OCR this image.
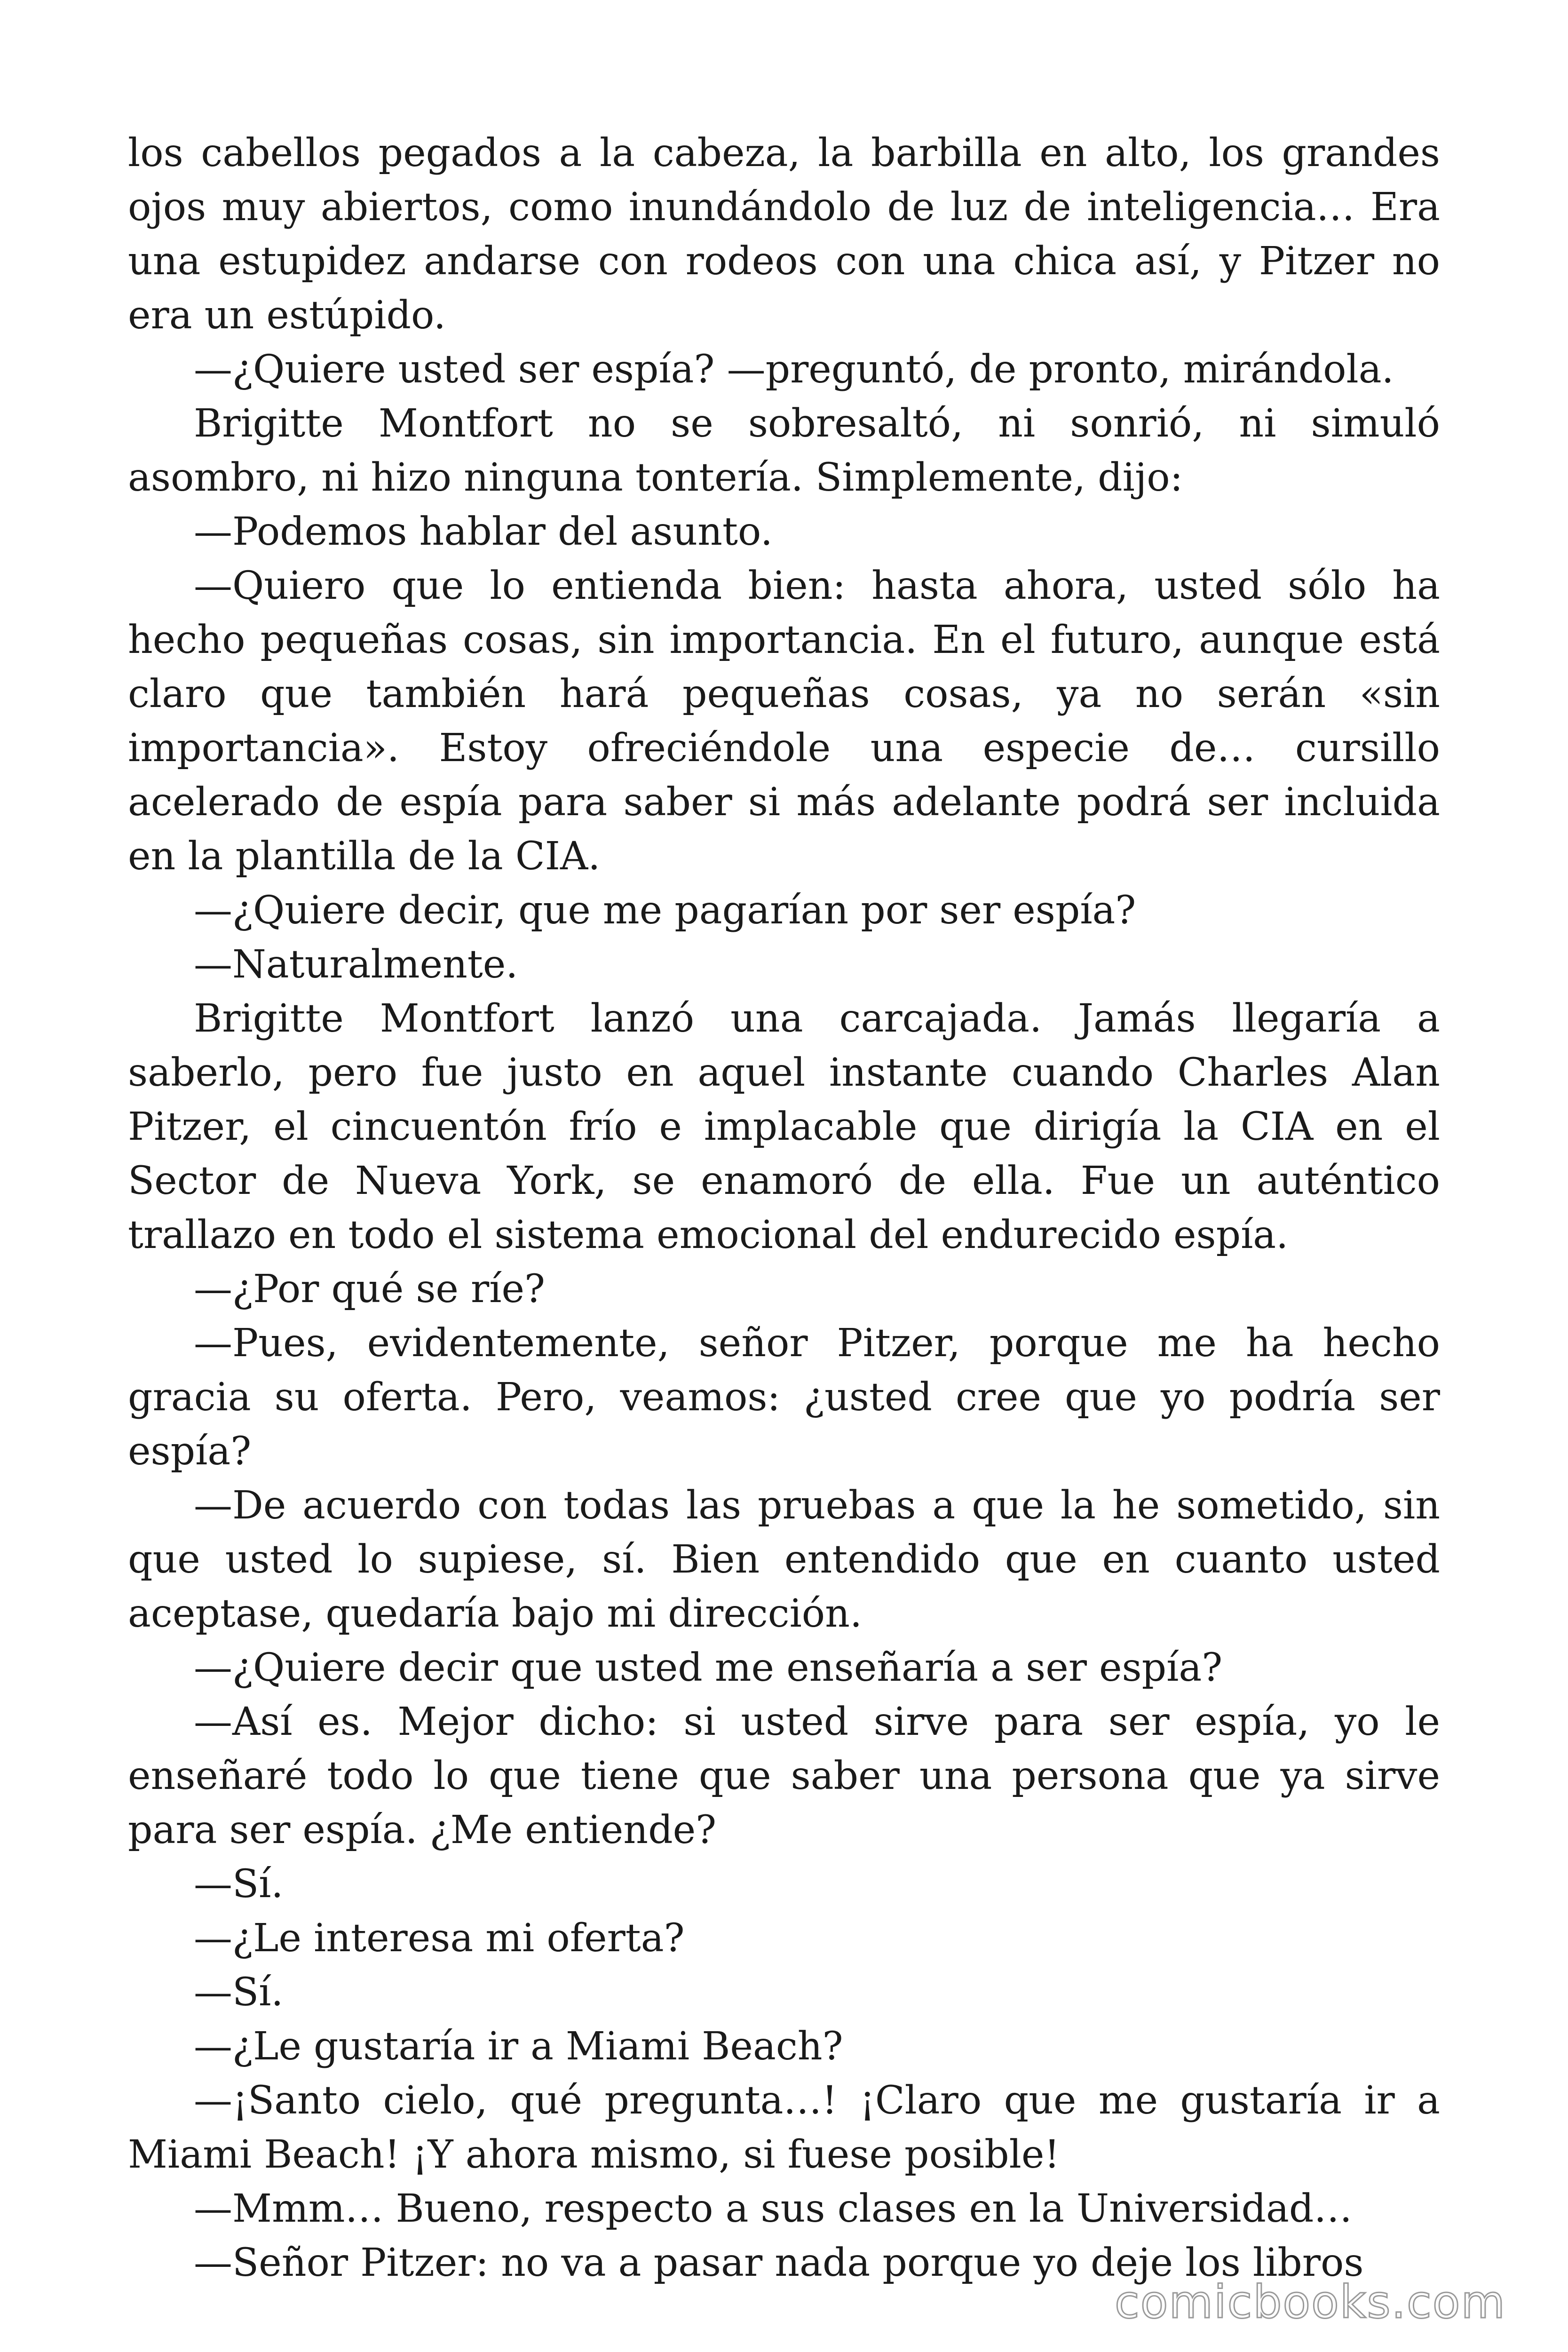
los cabellos pegados a la cabeza, la barbilla en alto, los grandes ojos muy abiertos, como inundándolo de luz de inteligencia… Era una estupidez andarse con rodeos con una chica así, y Pitzer no era un estúpido.

—¿Quiere usted ser espía? —preguntó, de pronto, mirándola.

Brigitte Montfort no se sobresaltó, ni sonrió, ni simuló asombro, ni hizo ninguna tontería. Simplemente, dijo:

—Podemos hablar del asunto.

—Quiero que lo entienda bien: hasta ahora, usted sólo ha hecho pequeñas cosas, sin importancia. En el futuro, aunque está claro que también hará pequeñas cosas, ya no serán «sin importancia». Estoy ofreciéndole una especie de… cursillo acelerado de espía para saber si más adelante podrá ser incluida en la plantilla de la CIA.

—¿Quiere decir, que me pagarían por ser espía?

—Naturalmente.

Brigitte Montfort lanzó una carcajada. Jamás llegaría a saberlo, pero fue justo en aquel instante cuando Charles Alan Pitzer, el cincuentón frío e implacable que dirigía la CIA en el Sector de Nueva York, se enamoró de ella. Fue un auténtico trallazo en todo el sistema emocional del endurecido espía.

—¿Por qué se ríe?

—Pues, evidentemente, señor Pitzer, porque me ha hecho gracia su oferta. Pero, veamos: ¿usted cree que yo podría ser espía?

—De acuerdo con todas las pruebas a que la he sometido, sin que usted lo supiese, sí. Bien entendido que en cuanto usted aceptase, quedaría bajo mi dirección.

—¿Quiere decir que usted me enseñaría a ser espía?

—Así es. Mejor dicho: si usted sirve para ser espía, yo le enseñaré todo lo que tiene que saber una persona que ya sirve para ser espía. ¿Me entiende?

—Sí.

—¿Le interesa mi oferta?

—Sí.

—¿Le gustaría ir a Miami Beach?

—¡Santo cielo, qué pregunta…! ¡Claro que me gustaría ir a Miami Beach! ¡Y ahora mismo, si fuese posible!

—Mmm… Bueno, respecto a sus clases en la Universidad…

—Señor Pitzer: no va a pasar nada porque yo deje los libros

comicbooks.com
